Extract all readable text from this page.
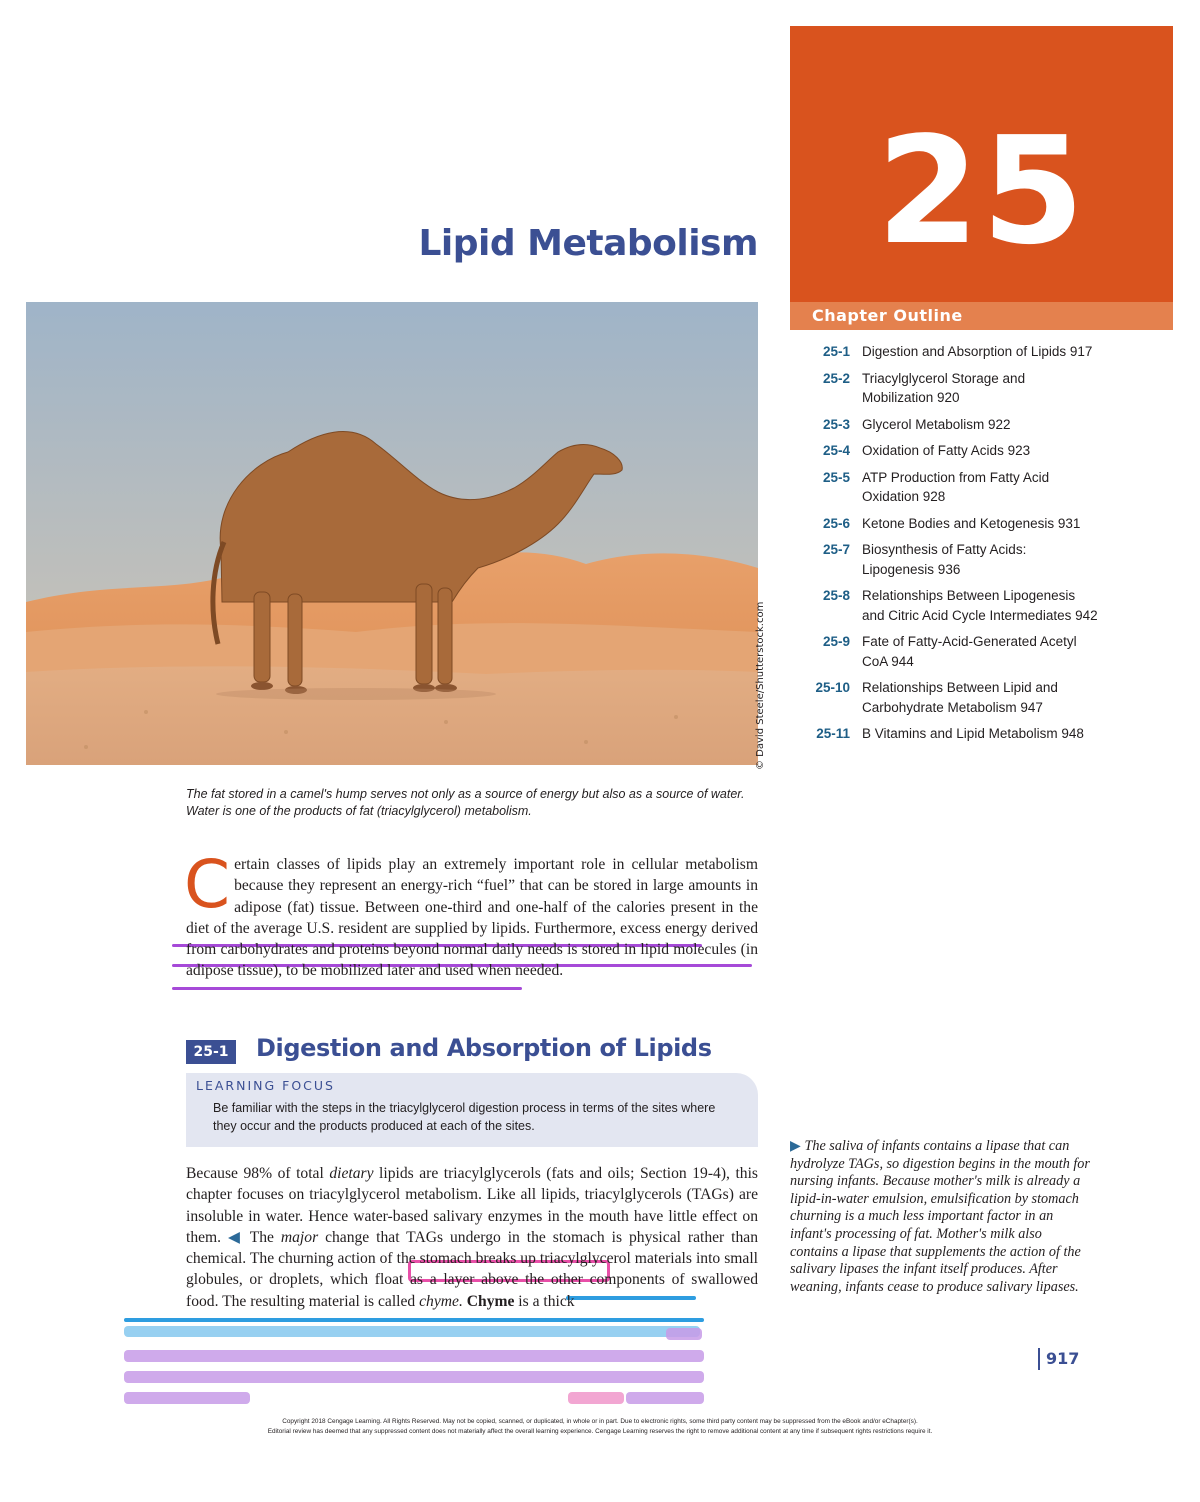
25
Chapter Outline
25-1 Digestion and Absorption of Lipids 917
25-2 Triacylglycerol Storage and Mobilization 920
25-3 Glycerol Metabolism 922
25-4 Oxidation of Fatty Acids 923
25-5 ATP Production from Fatty Acid Oxidation 928
25-6 Ketone Bodies and Ketogenesis 931
25-7 Biosynthesis of Fatty Acids: Lipogenesis 936
25-8 Relationships Between Lipogenesis and Citric Acid Cycle Intermediates 942
25-9 Fate of Fatty-Acid-Generated Acetyl CoA 944
25-10 Relationships Between Lipid and Carbohydrate Metabolism 947
25-11 B Vitamins and Lipid Metabolism 948
Lipid Metabolism
© David Steele/Shutterstock.com
The fat stored in a camel's hump serves not only as a source of energy but also as a source of water. Water is one of the products of fat (triacylglycerol) metabolism.

Certain classes of lipids play an extremely important role in cellular metabolism because they represent an energy-rich “fuel” that can be stored in large amounts in adipose (fat) tissue. Between one-third and one-half of the calories present in the diet of the average U.S. resident are supplied by lipids. Furthermore, excess energy derived from carbohydrates and proteins beyond normal daily needs is stored in lipid molecules (in adipose tissue), to be mobilized later and used when needed.

25-1	Digestion and Absorption of Lipids
LEARNING FOCUS
Be familiar with the steps in the triacylglycerol digestion process in terms of the sites where they occur and the products produced at each of the sites.

Because 98% of total dietary lipids are triacylglycerols (fats and oils; Section 19-4), this chapter focuses on triacylglycerol metabolism. Like all lipids, triacylglycerols (TAGs) are insoluble in water. Hence water-based salivary enzymes in the mouth have little effect on them. ◀ The major change that TAGs undergo in the stomach is physical rather than chemical. The churning action of the stomach breaks up triacylglycerol materials into small globules, or droplets, which float as a layer above the other components of swallowed food. The resulting material is called chyme. Chyme is a thick

▶ The saliva of infants contains a lipase that can hydrolyze TAGs, so digestion begins in the mouth for nursing infants. Because mother's milk is already a lipid-in-water emulsion, emulsification by stomach churning is a much less important factor in an infant's processing of fat. Mother's milk also contains a lipase that supplements the action of the salivary lipases the infant itself produces. After weaning, infants cease to produce salivary lipases.
917
Copyright 2018 Cengage Learning. All Rights Reserved. May not be copied, scanned, or duplicated, in whole or in part. Due to electronic rights, some third party content may be suppressed from the eBook and/or eChapter(s).
Editorial review has deemed that any suppressed content does not materially affect the overall learning experience. Cengage Learning reserves the right to remove additional content at any time if subsequent rights restrictions require it.
